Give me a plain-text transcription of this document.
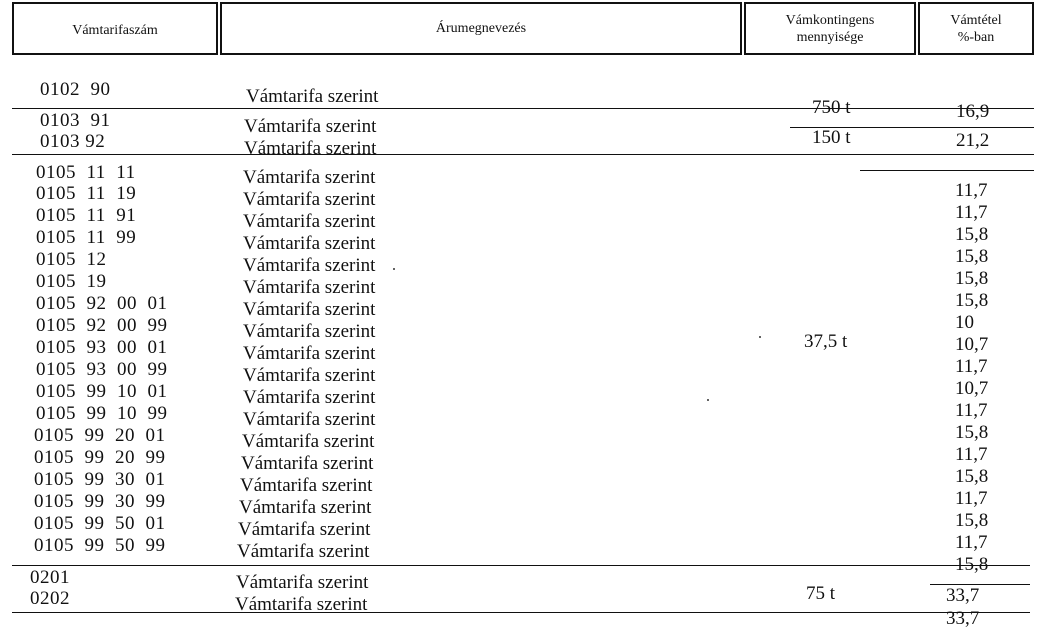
Vámtarifaszám	Árumegnevezés
Vámkontingens
mennyisége
Vámtétel
%-ban
0102  90
0103  91
0103 92
0105  11  11
0105  11  19
0105  11  91
0105  11  99
0105  12
0105  19
0105  92  00  01
0105  92  00  99
0105  93  00  01
0105  93  00  99
0105  99  10  01
0105  99  10  99
0105  99  20  01
0105  99  20  99
0105  99  30  01
0105  99  30  99
0105  99  50  01
0105  99  50  99
0201
0202
Vámtarifa szerint
Vámtarifa szerint
Vámtarifa szerint
Vámtarifa szerint
Vámtarifa szerint
Vámtarifa szerint
Vámtarifa szerint
Vámtarifa szerint
Vámtarifa szerint
Vámtarifa szerint
Vámtarifa szerint
Vámtarifa szerint
Vámtarifa szerint
Vámtarifa szerint
Vámtarifa szerint
Vámtarifa szerint
Vámtarifa szerint
Vámtarifa szerint
Vámtarifa szerint
Vámtarifa szerint
Vámtarifa szerint
Vámtarifa szerint
Vámtarifa szerint
750 t
150 t
37,5 t
75 t
16,9
21,2
11,7
11,7
15,8
15,8
15,8
15,8
10
10,7
11,7
10,7
11,7
15,8
11,7
15,8
11,7
15,8
11,7
15,8
33,7
33,7
